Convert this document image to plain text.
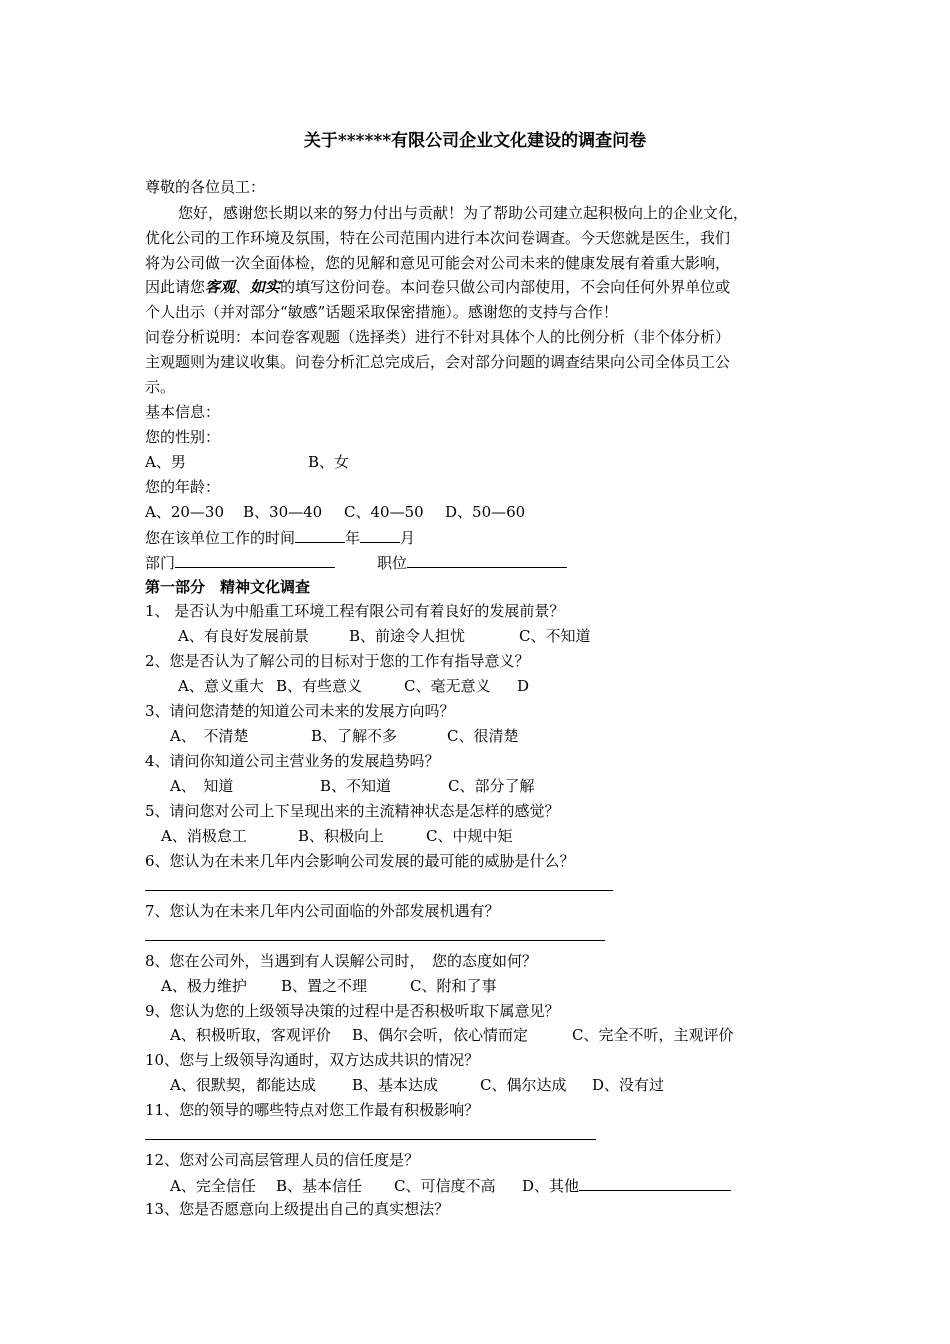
关于******有限公司企业文化建设的调查问卷
尊敬的各位员工：
您好，感谢您长期以来的努力付出与贡献！为了帮助公司建立起积极向上的企业文化，
优化公司的工作环境及氛围，特在公司范围内进行本次问卷调查。今天您就是医生，我们
将为公司做一次全面体检，您的见解和意见可能会对公司未来的健康发展有着重大影响，
因此请您客观、如实的填写这份问卷。本问卷只做公司内部使用，不会向任何外界单位或
个人出示（并对部分“敏感”话题采取保密措施）。感谢您的支持与合作！
问卷分析说明：本问卷客观题（选择类）进行不针对具体个人的比例分析（非个体分析）
主观题则为建议收集。问卷分析汇总完成后，会对部分问题的调查结果向公司全体员工公
示。
基本信息：
您的性别：
A、男	B、女
您的年龄：
A、20—30 B、30—40 C、40—50 D、50—60
您在该单位工作的时间	年	月
部门	职位
第一部分　精神文化调查
1、 是否认为中船重工环境工程有限公司有着良好的发展前景？
A、有良好发展前景	B、前途令人担忧	C、不知道
2、您是否认为了解公司的目标对于您的工作有指导意义？
A、意义重大 B、有些意义	C、毫无意义 D
3、请问您清楚的知道公司未来的发展方向吗？
A、　不清楚	B、了解不多	C、很清楚
4、请问你知道公司主营业务的发展趋势吗？
A、　知道	B、不知道	C、部分了解
5、请问您对公司上下呈现出来的主流精神状态是怎样的感觉？
A、消极怠工	B、积极向上	C、中规中矩
6、您认为在未来几年内会影响公司发展的最可能的威胁是什么？
7、您认为在未来几年内公司面临的外部发展机遇有？
8、您在公司外，当遇到有人误解公司时，　您的态度如何？
A、极力维护 B、置之不理	C、附和了事
9、您认为您的上级领导决策的过程中是否积极听取下属意见？
A、积极听取，客观评价 B、偶尔会听，依心情而定	C、完全不听，主观评价
10、您与上级领导沟通时，双方达成共识的情况？
A、很默契，都能达成 B、基本达成	C、偶尔达成 D、没有过
11、您的领导的哪些特点对您工作最有积极影响？
12、您对公司高层管理人员的信任度是？
A、完全信任 B、基本信任 C、可信度不高 D、其他
13、您是否愿意向上级提出自己的真实想法？
